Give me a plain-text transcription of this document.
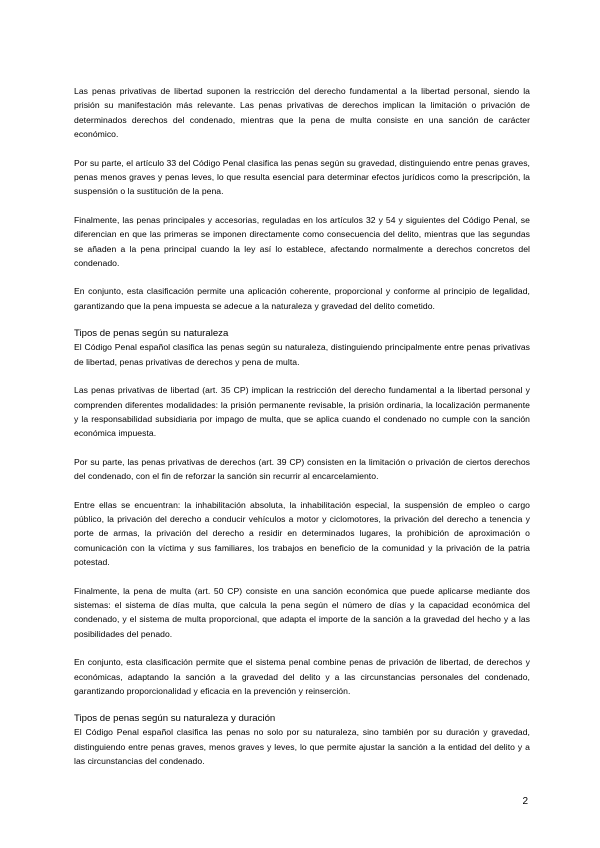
Las penas privativas de libertad suponen la restricción del derecho fundamental a la libertad personal, siendo la prisión su manifestación más relevante. Las penas privativas de derechos implican la limitación o privación de determinados derechos del condenado, mientras que la pena de multa consiste en una sanción de carácter económico.

Por su parte, el artículo 33 del Código Penal clasifica las penas según su gravedad, distinguiendo entre penas graves, penas menos graves y penas leves, lo que resulta esencial para determinar efectos jurídicos como la prescripción, la suspensión o la sustitución de la pena.

Finalmente, las penas principales y accesorias, reguladas en los artículos 32 y 54 y siguientes del Código Penal, se diferencian en que las primeras se imponen directamente como consecuencia del delito, mientras que las segundas se añaden a la pena principal cuando la ley así lo establece, afectando normalmente a derechos concretos del condenado.

En conjunto, esta clasificación permite una aplicación coherente, proporcional y conforme al principio de legalidad, garantizando que la pena impuesta se adecue a la naturaleza y gravedad del delito cometido.

Tipos de penas según su naturaleza

El Código Penal español clasifica las penas según su naturaleza, distinguiendo principalmente entre penas privativas de libertad, penas privativas de derechos y pena de multa.

Las penas privativas de libertad (art. 35 CP) implican la restricción del derecho fundamental a la libertad personal y comprenden diferentes modalidades: la prisión permanente revisable, la prisión ordinaria, la localización permanente y la responsabilidad subsidiaria por impago de multa, que se aplica cuando el condenado no cumple con la sanción económica impuesta.

Por su parte, las penas privativas de derechos (art. 39 CP) consisten en la limitación o privación de ciertos derechos del condenado, con el fin de reforzar la sanción sin recurrir al encarcelamiento.

Entre ellas se encuentran: la inhabilitación absoluta, la inhabilitación especial, la suspensión de empleo o cargo público, la privación del derecho a conducir vehículos a motor y ciclomotores, la privación del derecho a tenencia y porte de armas, la privación del derecho a residir en determinados lugares, la prohibición de aproximación o comunicación con la víctima y sus familiares, los trabajos en beneficio de la comunidad y la privación de la patria potestad.

Finalmente, la pena de multa (art. 50 CP) consiste en una sanción económica que puede aplicarse mediante dos sistemas: el sistema de días multa, que calcula la pena según el número de días y la capacidad económica del condenado, y el sistema de multa proporcional, que adapta el importe de la sanción a la gravedad del hecho y a las posibilidades del penado.

En conjunto, esta clasificación permite que el sistema penal combine penas de privación de libertad, de derechos y económicas, adaptando la sanción a la gravedad del delito y a las circunstancias personales del condenado, garantizando proporcionalidad y eficacia en la prevención y reinserción.

Tipos de penas según su naturaleza y duración

El Código Penal español clasifica las penas no solo por su naturaleza, sino también por su duración y gravedad, distinguiendo entre penas graves, menos graves y leves, lo que permite ajustar la sanción a la entidad del delito y a las circunstancias del condenado.

2
